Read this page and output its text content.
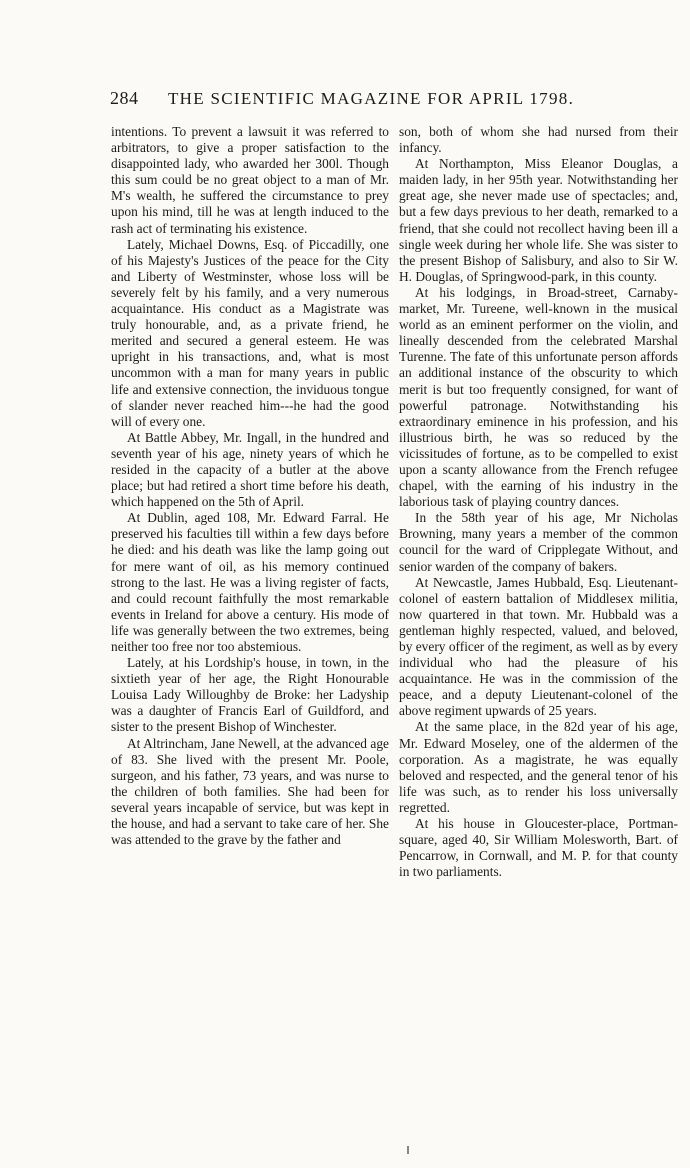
284	THE SCIENTIFIC MAGAZINE FOR APRIL 1798.

intentions. To prevent a lawsuit it was referred to arbitrators, to give a proper satisfaction to the disappointed lady, who awarded her 300l. Though this sum could be no great object to a man of Mr. M's wealth, he suffered the circumstance to prey upon his mind, till he was at length induced to the rash act of terminating his existence.

Lately, Michael Downs, Esq. of Piccadilly, one of his Majesty's Justices of the peace for the City and Liberty of Westminster, whose loss will be severely felt by his family, and a very numerous acquaintance. His conduct as a Magistrate was truly honourable, and, as a private friend, he merited and secured a general esteem. He was upright in his transactions, and, what is most uncommon with a man for many years in public life and extensive connection, the inviduous tongue of slander never reached him---he had the good will of every one.

At Battle Abbey, Mr. Ingall, in the hundred and seventh year of his age, ninety years of which he resided in the capacity of a butler at the above place; but had retired a short time before his death, which happened on the 5th of April.

At Dublin, aged 108, Mr. Edward Farral. He preserved his faculties till within a few days before he died: and his death was like the lamp going out for mere want of oil, as his memory continued strong to the last. He was a living register of facts, and could recount faithfully the most remarkable events in Ireland for above a century. His mode of life was generally between the two extremes, being neither too free nor too abstemious.

Lately, at his Lordship's house, in town, in the sixtieth year of her age, the Right Honourable Louisa Lady Willoughby de Broke: her Ladyship was a daughter of Francis Earl of Guildford, and sister to the present Bishop of Winchester.

At Altrincham, Jane Newell, at the advanced age of 83. She lived with the present Mr. Poole, surgeon, and his father, 73 years, and was nurse to the children of both families. She had been for several years incapable of service, but was kept in the house, and had a servant to take care of her. She was attended to the grave by the father and

son, both of whom she had nursed from their infancy.

At Northampton, Miss Eleanor Douglas, a maiden lady, in her 95th year. Notwithstanding her great age, she never made use of spectacles; and, but a few days previous to her death, remarked to a friend, that she could not recollect having been ill a single week during her whole life. She was sister to the present Bishop of Salisbury, and also to Sir W. H. Douglas, of Springwood-park, in this county.

At his lodgings, in Broad-street, Carnaby-market, Mr. Tureene, well-known in the musical world as an eminent performer on the violin, and lineally descended from the celebrated Marshal Turenne. The fate of this unfortunate person affords an additional instance of the obscurity to which merit is but too frequently consigned, for want of powerful patronage. Notwithstanding his extraordinary eminence in his profession, and his illustrious birth, he was so reduced by the vicissitudes of fortune, as to be compelled to exist upon a scanty allowance from the French refugee chapel, with the earning of his industry in the laborious task of playing country dances.

In the 58th year of his age, Mr Nicholas Browning, many years a member of the common council for the ward of Cripplegate Without, and senior warden of the company of bakers.

At Newcastle, James Hubbald, Esq. Lieutenant-colonel of eastern battalion of Middlesex militia, now quartered in that town. Mr. Hubbald was a gentleman highly respected, valued, and beloved, by every officer of the regiment, as well as by every individual who had the pleasure of his acquaintance. He was in the commission of the peace, and a deputy Lieutenant-colonel of the above regiment upwards of 25 years.

At the same place, in the 82d year of his age, Mr. Edward Moseley, one of the aldermen of the corporation. As a magistrate, he was equally beloved and respected, and the general tenor of his life was such, as to render his loss universally regretted.

At his house in Gloucester-place, Portman-square, aged 40, Sir William Molesworth, Bart. of Pencarrow, in Cornwall, and M. P. for that county in two parliaments.
